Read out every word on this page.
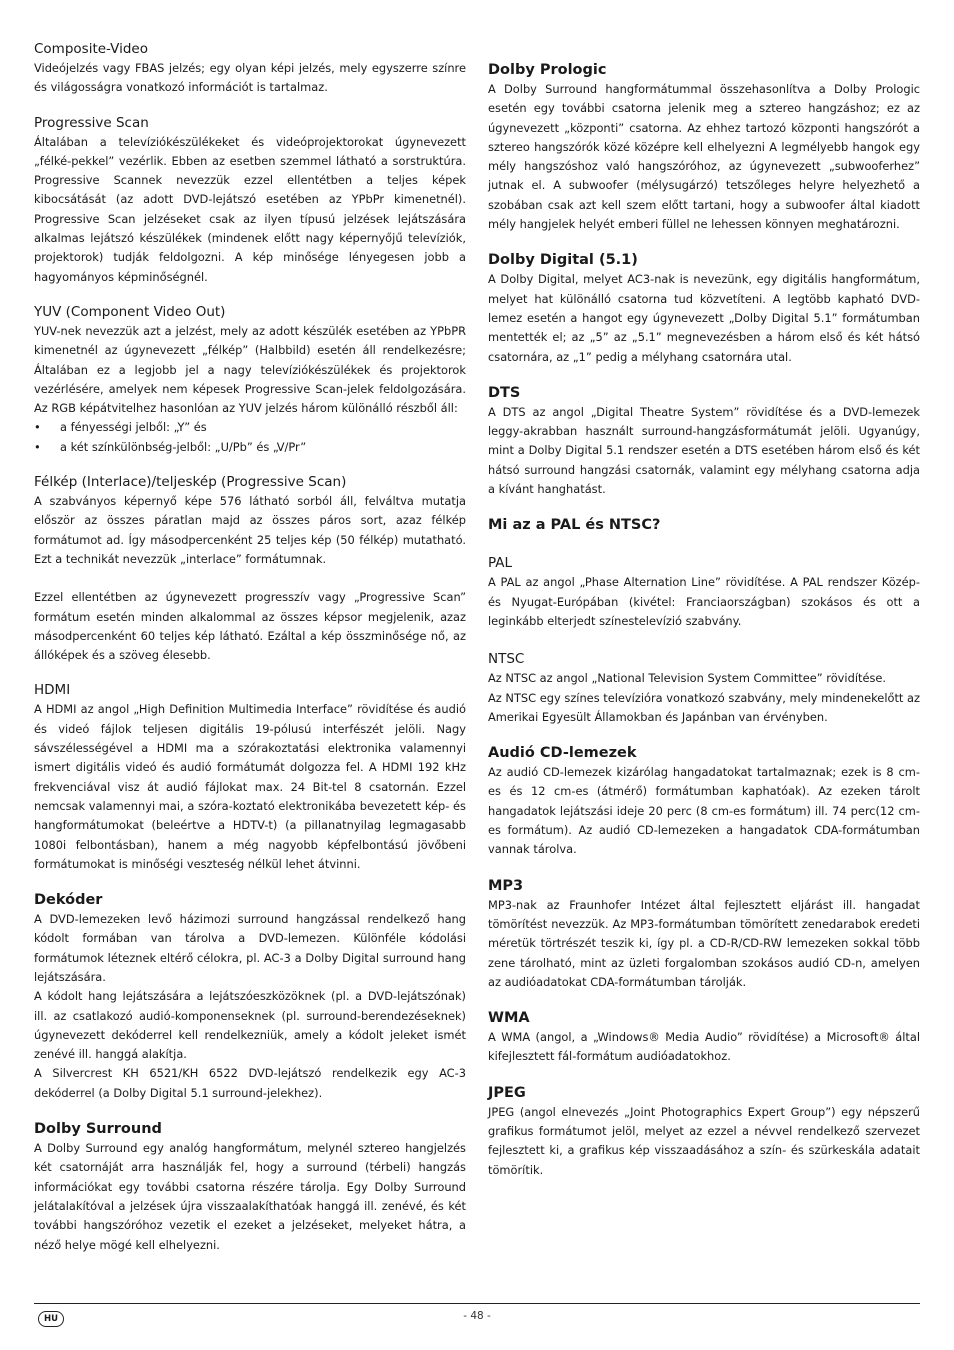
Composite-Video

Videójelzés vagy FBAS jelzés; egy olyan képi jelzés, mely egyszerre színre és világosságra vonatkozó információt is tartalmaz.

Progressive Scan

Általában a televíziókészülékeket és videóprojektorokat úgynevezett „félké-pekkel” vezérlik. Ebben az esetben szemmel látható a sorstruktúra. Progressive Scannek nevezzük ezzel ellentétben a teljes képek kibocsátását (az adott DVD-lejátszó esetében az YPbPr kimenetnél). Progressive Scan jelzéseket csak az ilyen típusú jelzések lejátszására alkalmas lejátszó készülékek (mindenek előtt nagy képernyőjű televíziók, projektorok) tudják feldolgozni. A kép minősége lényegesen jobb a hagyományos képminőségnél.

YUV (Component Video Out)

YUV-nek nevezzük azt a jelzést, mely az adott készülék esetében az YPbPR kimenetnél az úgynevezett „félkép” (Halbbild) esetén áll rendelkezésre; Általában ez a legjobb jel a nagy televíziókészülékek és projektorok vezérlésére, amelyek nem képesek Progressive Scan-jelek feldolgozására. Az RGB képátvitelhez hasonlóan az YUV jelzés három különálló részből áll:

• a fényességi jelből: „Y” és
• a két színkülönbség-jelből: „U/Pb” és „V/Pr”
Félkép (Interlace)/teljeskép (Progressive Scan)

A szabványos képernyő képe 576 látható sorból áll, felváltva mutatja először az összes páratlan majd az összes páros sort, azaz félkép formátumot ad. Így másodpercenként 25 teljes kép (50 félkép) mutatható. Ezt a technikát nevezzük „interlace” formátumnak.

Ezzel ellentétben az úgynevezett progresszív vagy „Progressive Scan” formátum esetén minden alkalommal az összes képsor megjelenik, azaz másodpercenként 60 teljes kép látható. Ezáltal a kép összminősége nő, az állóképek és a szöveg élesebb.

HDMI

A HDMI az angol „High Definition Multimedia Interface” rövidítése és audió és videó fájlok teljesen digitális 19-pólusú interfészét jelöli. Nagy sávszélességével a HDMI ma a szórakoztatási elektronika valamennyi ismert digitális videó és audió formátumát dolgozza fel. A HDMI 192 kHz frekvenciával visz át audió fájlokat max. 24 Bit-tel 8 csatornán. Ezzel nemcsak valamennyi mai, a szóra-koztató elektronikába bevezetett kép- és hangformátumokat (beleértve a HDTV-t) (a pillanatnyilag legmagasabb 1080i felbontásban), hanem a még nagyobb képfelbontású jövőbeni formátumokat is minőségi veszteség nélkül lehet átvinni.

Dekóder

A DVD-lemezeken levő házimozi surround hangzással rendelkező hang kódolt formában van tárolva a DVD-lemezen. Különféle kódolási formátumok léteznek eltérő célokra, pl. AC-3 a Dolby Digital surround hang lejátszására.

A kódolt hang lejátszására a lejátszóeszközöknek (pl. a DVD-lejátszónak) ill. az csatlakozó audió-komponenseknek (pl. surround-berendezéseknek) úgynevezett dekóderrel kell rendelkezniük, amely a kódolt jeleket ismét zenévé ill. hanggá alakítja.

A Silvercrest KH 6521/KH 6522 DVD-lejátszó rendelkezik egy AC-3 dekóderrel (a Dolby Digital 5.1 surround-jelekhez).

Dolby Surround

A Dolby Surround egy analóg hangformátum, melynél sztereo hangjelzés két csatornáját arra használják fel, hogy a surround (térbeli) hangzás információkat egy további csatorna részére tárolja. Egy Dolby Surround jelátalakítóval a jelzések újra visszaalakíthatóak hanggá ill. zenévé, és két további hangszóróhoz vezetik el ezeket a jelzéseket, melyeket hátra, a néző helye mögé kell elhelyezni.

Dolby Prologic

A Dolby Surround hangformátummal összehasonlítva a Dolby Prologic esetén egy további csatorna jelenik meg a sztereo hangzáshoz; ez az úgynevezett „központi” csatorna. Az ehhez tartozó központi hangszórót a sztereo hangszórók közé középre kell elhelyezni A legmélyebb hangok egy mély hangszóshoz való hangszóróhoz, az úgynevezett „subwooferhez” jutnak el. A subwoofer (mélysugárzó) tetszőleges helyre helyezhető a szobában csak azt kell szem előtt tartani, hogy a subwoofer által kiadott mély hangjelek helyét emberi füllel ne lehessen könnyen meghatározni.

Dolby Digital (5.1)

A Dolby Digital, melyet AC3-nak is nevezünk, egy digitális hangformátum, melyet hat különálló csatorna tud közvetíteni. A legtöbb kapható DVD-lemez esetén a hangot egy úgynevezett „Dolby Digital 5.1” formátumban mentették el; az „5” az „5.1” megnevezésben a három első és két hátsó csatornára, az „1” pedig a mélyhang csatornára utal.

DTS

A DTS az angol „Digital Theatre System” rövidítése és a DVD-lemezek leggy-akrabban használt surround-hangzásformátumát jelöli. Ugyanúgy, mint a Dolby Digital 5.1 rendszer esetén a DTS esetében három első és két hátsó surround hangzási csatornák, valamint egy mélyhang csatorna adja a kívánt hanghatást.

Mi az a PAL és NTSC?
PAL

A PAL az angol „Phase Alternation Line” rövidítése. A PAL rendszer Közép- és Nyugat-Európában (kivétel: Franciaországban) szokásos és ott a leginkább elterjedt színestelevízió szabvány.

NTSC

Az NTSC az angol „National Television System Committee” rövidítése.

Az NTSC egy színes televízióra vonatkozó szabvány, mely mindenekelőtt az Amerikai Egyesült Államokban és Japánban van érvényben.

Audió CD-lemezek

Az audió CD-lemezek kizárólag hangadatokat tartalmaznak; ezek is 8 cm-es és 12 cm-es (átmérő) formátumban kaphatóak). Az ezeken tárolt hangadatok lejátszási ideje 20 perc (8 cm-es formátum) ill. 74 perc(12 cm-es formátum). Az audió CD-lemezeken a hangadatok CDA-formátumban vannak tárolva.

MP3

MP3-nak az Fraunhofer Intézet által fejlesztett eljárást ill. hangadat tömörítést nevezzük. Az MP3-formátumban tömörített zenedarabok eredeti méretük törtrészét teszik ki, így pl. a CD-R/CD-RW lemezeken sokkal több zene tárolható, mint az üzleti forgalomban szokásos audió CD-n, amelyen az audióadatokat CDA-formátumban tárolják.

WMA

A WMA (angol, a „Windows® Media Audio” rövidítése) a Microsoft® által kifejlesztett fál-formátum audióadatokhoz.

JPEG

JPEG (angol elnevezés „Joint Photographics Expert Group”) egy népszerű grafikus formátumot jelöl, melyet az ezzel a névvel rendelkező szervezet fejlesztett ki, a grafikus kép visszaadásához a szín- és szürkeskála adatait tömörítik.

HU	- 48 -
